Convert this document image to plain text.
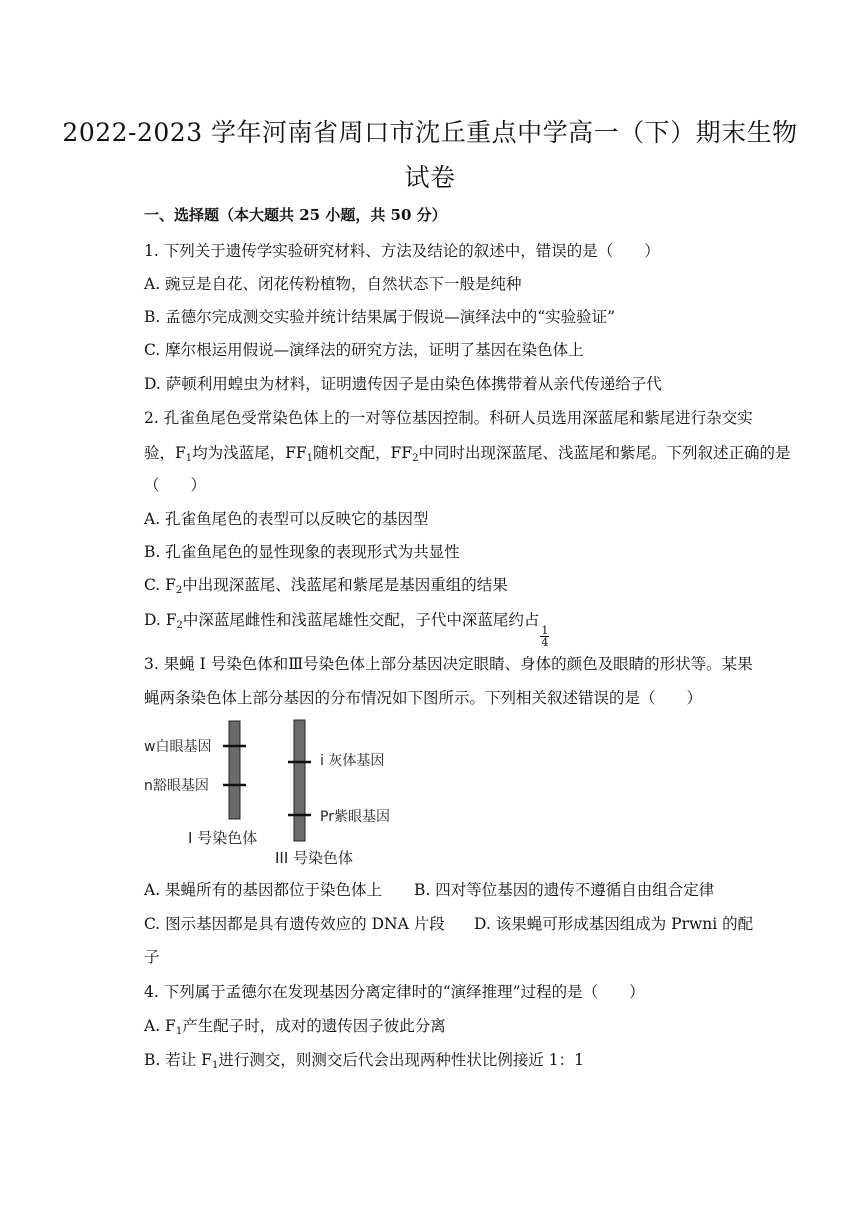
2022-2023 学年河南省周口市沈丘重点中学高一（下）期末生物
试卷
一、选择题（本大题共 25 小题，共 50 分）
1. 下列关于遗传学实验研究材料、方法及结论的叙述中，错误的是（　　）
A. 豌豆是自花、闭花传粉植物，自然状态下一般是纯种
B. 孟德尔完成测交实验并统计结果属于假说—演绎法中的“实验验证”
C. 摩尔根运用假说—演绎法的研究方法，证明了基因在染色体上
D. 萨顿利用蝗虫为材料，证明遗传因子是由染色体携带着从亲代传递给子代
2. 孔雀鱼尾色受常染色体上的一对等位基因控制。科研人员选用深蓝尾和紫尾进行杂交实
验，$F_1$均为浅蓝尾，$FF_1$随机交配，$FF_2$中同时出现深蓝尾、浅蓝尾和紫尾。下列叙述正确的是
（　　）
A. 孔雀鱼尾色的表型可以反映它的基因型
B. 孔雀鱼尾色的显性现象的表现形式为共显性
C. $F_2$中出现深蓝尾、浅蓝尾和紫尾是基因重组的结果
D. $F_2$中深蓝尾雌性和浅蓝尾雄性交配，子代中深蓝尾约占
$\frac{1}{4}$
3. 果蝇 Ⅰ 号染色体和Ⅲ号染色体上部分基因决定眼睛、身体的颜色及眼睛的形状等。某果
蝇两条染色体上部分基因的分布情况如下图所示。下列相关叙述错误的是（　　）
w白眼基因
n豁眼基因
Ⅰ 号染色体
i 灰体基因
Pr紫眼基因
III 号染色体
A. 果蝇所有的基因都位于染色体上 B. 四对等位基因的遗传不遵循自由组合定律
C. 图示基因都是具有遗传效应的 DNA 片段 D. 该果蝇可形成基因组成为 Prwni 的配
子
4. 下列属于孟德尔在发现基因分离定律时的“演绎推理”过程的是（　　）
A. $F_1$产生配子时，成对的遗传因子彼此分离
B. 若让 $F_1$进行测交，则测交后代会出现两种性状比例接近 1：1
